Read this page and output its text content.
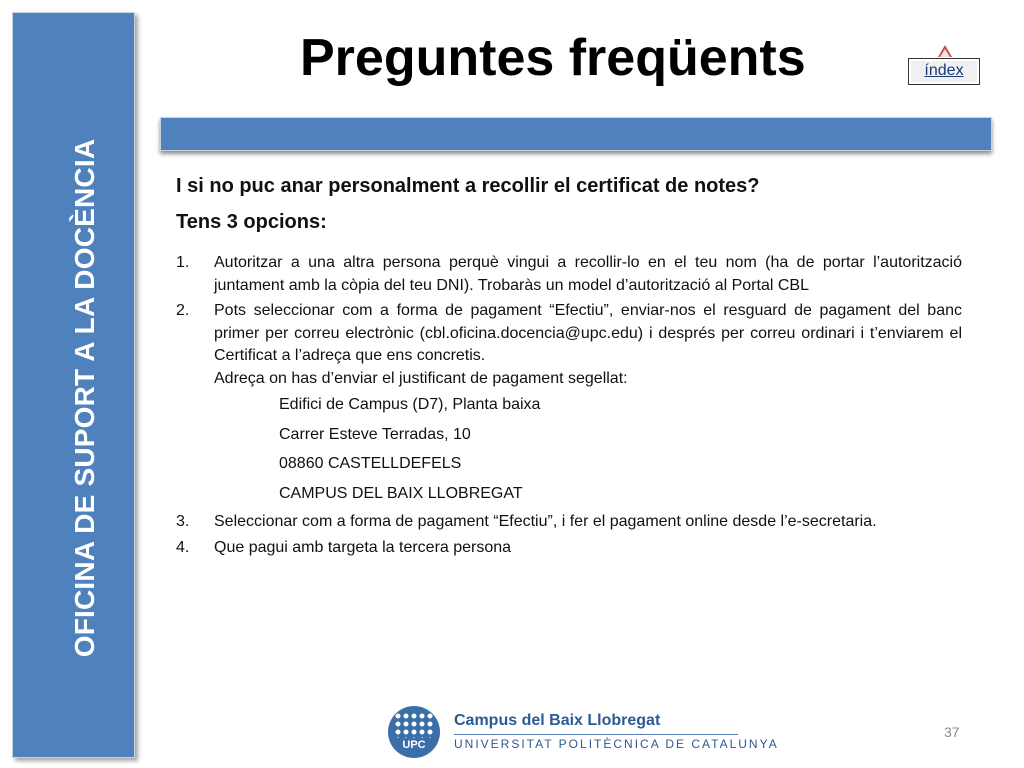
OFICINA DE SUPORT A LA DOCÈNCIA
Preguntes freqüents	índex

I si no puc anar personalment a recollir el certificat de notes?

Tens 3 opcions:

1.	Autoritzar a una altra persona perquè vingui a recollir-lo en el teu nom (ha de portar l’autorització juntament amb la còpia del teu DNI). Trobaràs un model d’autorització al Portal CBL

2.	Pots seleccionar com a forma de pagament “Efectiu”, enviar-nos el resguard de pagament del banc primer per correu electrònic (cbl.oficina.docencia@upc.edu) i després per correu ordinari i t’enviarem el Certificat a l’adreça que ens concretis.

Adreça on has d’enviar el justificant de pagament segellat:

Edifici de Campus (D7), Planta baixa
Carrer Esteve Terradas, 10
08860 CASTELLDEFELS
CAMPUS DEL BAIX LLOBREGAT
3.	Seleccionar com a forma de pagament “Efectiu”, i fer el pagament online desde l’e-secretaria.

4.	Que pagui amb targeta la tercera persona

UPC
Campus del Baix Llobregat
UNIVERSITAT POLITÈCNICA DE CATALUNYA
37
